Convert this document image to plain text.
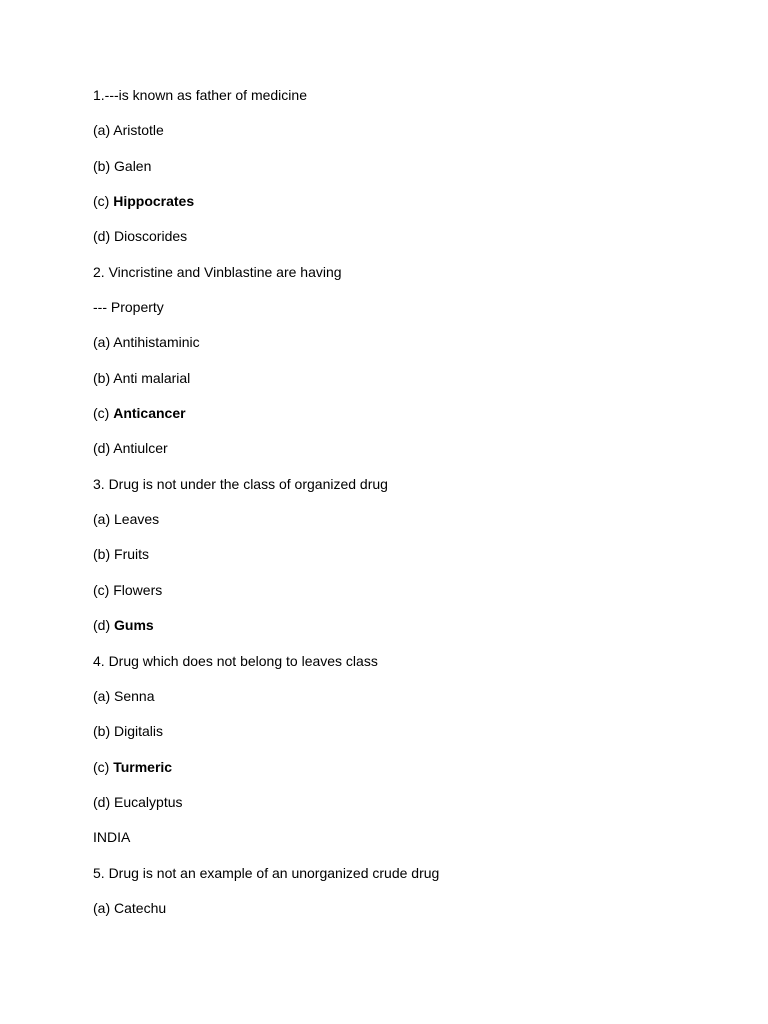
1.---is known as father of medicine
(a) Aristotle
(b) Galen
(c) Hippocrates
(d) Dioscorides
2. Vincristine and Vinblastine are having
--- Property
(a) Antihistaminic
(b) Anti malarial
(c) Anticancer
(d) Antiulcer
3. Drug is not under the class of organized drug
(a) Leaves
(b) Fruits
(c) Flowers
(d) Gums
4. Drug which does not belong to leaves class
(a) Senna
(b) Digitalis
(c) Turmeric
(d) Eucalyptus
INDIA
5. Drug is not an example of an unorganized crude drug
(a) Catechu
